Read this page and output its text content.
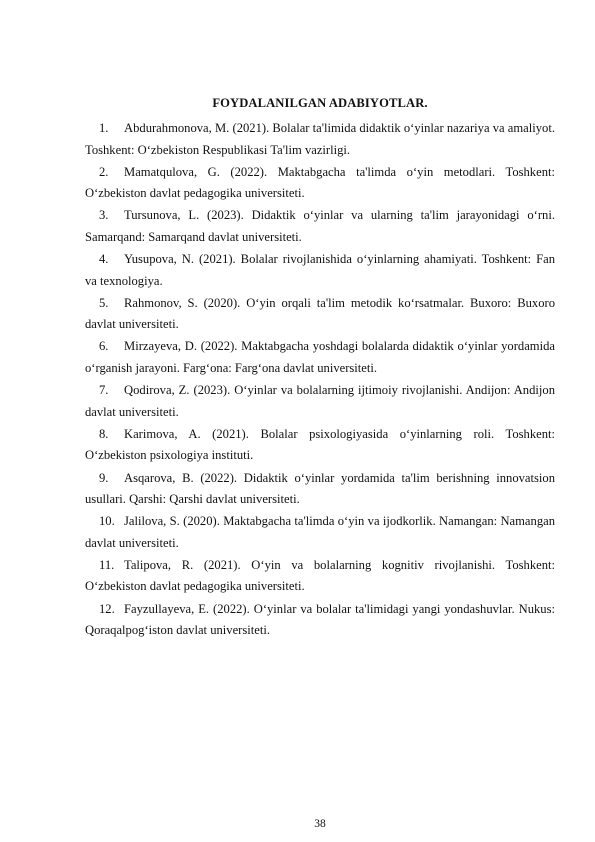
FOYDALANILGAN ADABIYOTLAR.

1. Abdurahmonova, M. (2021). Bolalar ta'limida didaktik o‘yinlar nazariya va amaliyot. Toshkent: O‘zbekiston Respublikasi Ta'lim vazirligi.

2. Mamatqulova, G. (2022). Maktabgacha ta'limda o‘yin metodlari. Toshkent: O‘zbekiston davlat pedagogika universiteti.

3. Tursunova, L. (2023). Didaktik o‘yinlar va ularning ta'lim jarayonidagi o‘rni. Samarqand: Samarqand davlat universiteti.

4. Yusupova, N. (2021). Bolalar rivojlanishida o‘yinlarning ahamiyati. Toshkent: Fan va texnologiya.

5. Rahmonov, S. (2020). O‘yin orqali ta'lim metodik ko‘rsatmalar. Buxoro: Buxoro davlat universiteti.

6. Mirzayeva, D. (2022). Maktabgacha yoshdagi bolalarda didaktik o‘yinlar yordamida o‘rganish jarayoni. Farg‘ona: Farg‘ona davlat universiteti.

7. Qodirova, Z. (2023). O‘yinlar va bolalarning ijtimoiy rivojlanishi. Andijon: Andijon davlat universiteti.

8. Karimova, A. (2021). Bolalar psixologiyasida o‘yinlarning roli. Toshkent: O‘zbekiston psixologiya instituti.

9. Asqarova, B. (2022). Didaktik o‘yinlar yordamida ta'lim berishning innovatsion usullari. Qarshi: Qarshi davlat universiteti.

10. Jalilova, S. (2020). Maktabgacha ta'limda o‘yin va ijodkorlik. Namangan: Namangan davlat universiteti.

11. Talipova, R. (2021). O‘yin va bolalarning kognitiv rivojlanishi. Toshkent: O‘zbekiston davlat pedagogika universiteti.

12. Fayzullayeva, E. (2022). O‘yinlar va bolalar ta'limidagi yangi yondashuvlar. Nukus: Qoraqalpog‘iston davlat universiteti.

38
